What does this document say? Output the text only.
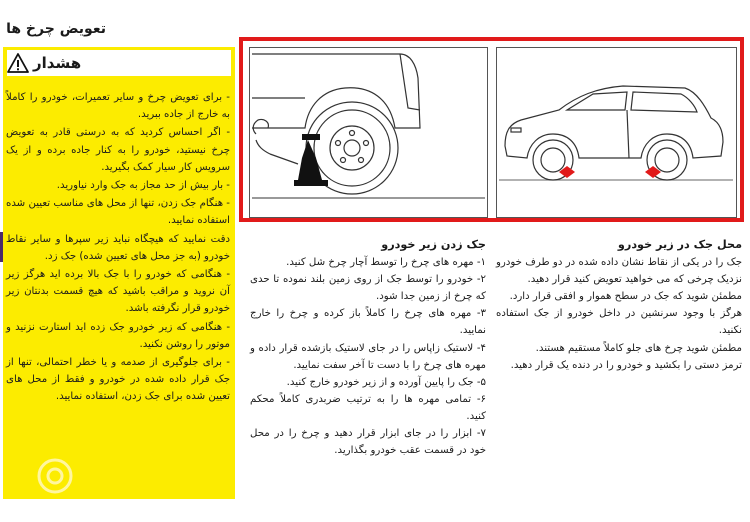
تعویض چرخ ها
هشدار

- برای تعویض چرخ و سایر تعمیرات، خودرو را کاملاً به خارج از جاده ببرید.

- اگر احساس کردید که به درستی قادر به تعویض چرخ نیستید، خودرو را به کنار جاده برده و از یک سرویس کار سیار کمک بگیرید.

- بار بیش از حد مجاز به جک وارد نیاورید.

- هنگام جک زدن، تنها از محل های مناسب تعیین شده استفاده نمایید.

دقت نمایید که هیچگاه نباید زیر سپرها و سایر نقاط خودرو (به جز محل های تعیین شده) جک زد.

- هنگامی که خودرو را با جک بالا برده اید هرگز زیر آن نروید و مراقب باشید که هیچ قسمت بدنتان زیر خودرو قرار نگرفته باشد.

- هنگامی که زیر خودرو جک زده اید استارت نزنید و موتور را روشن نکنید.

- برای جلوگیری از صدمه و یا خطر احتمالی، تنها از جک قرار داده شده در خودرو و فقط از محل های تعیین شده برای جک زدن، استفاده نمایید.

جک زدن زیر خودرو

۱- مهره های چرخ را توسط آچار چرخ شل کنید.

۲- خودرو را توسط جک از روی زمین بلند نموده تا حدی که چرخ از زمین جدا شود.

۳- مهره های چرخ را کاملاً باز کرده و چرخ را خارج نمایید.

۴- لاستیک زاپاس را در جای لاستیک بازشده قرار داده و مهره های چرخ را با دست تا آخر سفت نمایید.

۵- جک را پایین آورده و از زیر خودرو خارج کنید.

۶- تمامی مهره ها را به ترتیب ضربدری کاملاً محکم کنید.

۷- ابزار را در جای ابزار قرار دهید و چرخ را در محل خود در قسمت عقب خودرو بگذارید.

محل جک در زیر خودرو

جک را در یکی از نقاط نشان داده شده در دو طرف خودرو نزدیک چرخی که می خواهید تعویض کنید قرار دهید.

مطمئن شوید که جک در سطح هموار و افقی قرار دارد.

هرگز با وجود سرنشین در داخل خودرو از جک استفاده نکنید.

مطمئن شوید چرخ های جلو کاملاً مستقیم هستند.

ترمز دستی را بکشید و خودرو را در دنده یک قرار دهید.
